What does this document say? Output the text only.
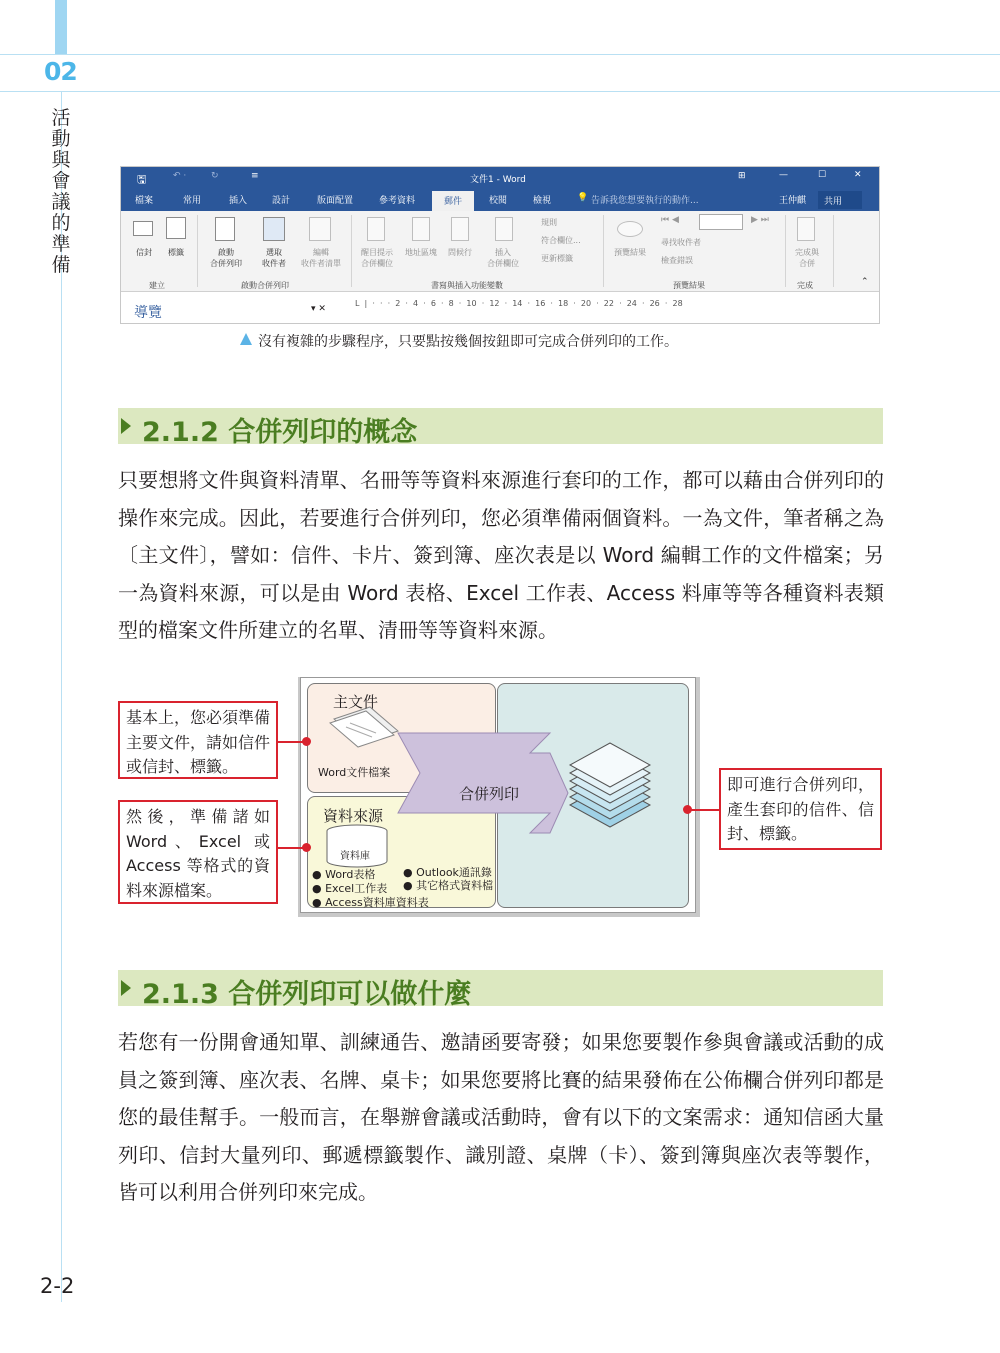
02
活動與會議的準備
2-2
🖫	↶ ·	↻	≡	文件1 - Word	⊞	—	☐	✕
檔案	常用	插入	設計	版面配置	參考資料	郵件	校閱	檢視	💡 告訴我您想要執行的動作...	王仲麒	共用
信封	標籤	啟動
合併列印
選取
收件者
編輯
收件者清單
醒目提示
合併欄位
地址區塊	問候行	插入
合併欄位
規則
符合欄位...
更新標籤
預覽結果
⏮ ◀	▶ ⏭
尋找收件者
檢查錯誤
完成與
合併
建立	啟動合併列印	書寫與插入功能變數	預覽結果	完成	⌃
導覽	▾ ✕
L  |  ·  ·  ·  2  ·  4  ·  6  ·  8  ·  10  ·  12  ·  14  ·  16  ·  18  ·  20  ·  22  ·  24  ·  26  ·  28
沒有複雜的步驟程序，只要點按幾個按鈕即可完成合併列印的工作。
2.1.2 合併列印的概念
只要想將文件與資料清單、名冊等等資料來源進行套印的工作，都可以藉由合併列印的操作來完成。因此，若要進行合併列印，您必須準備兩個資料。一為文件，筆者稱之為〔主文件〕，譬如：信件、卡片、簽到簿、座次表是以 Word 編輯工作的文件檔案；另一為資料來源，可以是由 Word 表格、Excel 工作表、Access 料庫等等各種資料表類型的檔案文件所建立的名單、清冊等等資料來源。
主文件
Word文件檔案
資料來源
資料庫
● Word表格
● Excel工作表
● Access資料庫資料表
● Outlook通訊錄
● 其它格式資料檔
合併列印
基本上，您必須準備主要文件，請如信件或信封、標籤。
然後，準備諸如 Word、Excel 或 Access 等格式的資料來源檔案。
即可進行合併列印，產生套印的信件、信封、標籤。
2.1.3 合併列印可以做什麼
若您有一份開會通知單、訓練通告、邀請函要寄發；如果您要製作參與會議或活動的成員之簽到簿、座次表、名牌、桌卡；如果您要將比賽的結果發佈在公佈欄合併列印都是您的最佳幫手。一般而言，在舉辦會議或活動時，會有以下的文案需求：通知信函大量列印、信封大量列印、郵遞標籤製作、識別證、桌牌（卡）、簽到簿與座次表等製作，皆可以利用合併列印來完成。
